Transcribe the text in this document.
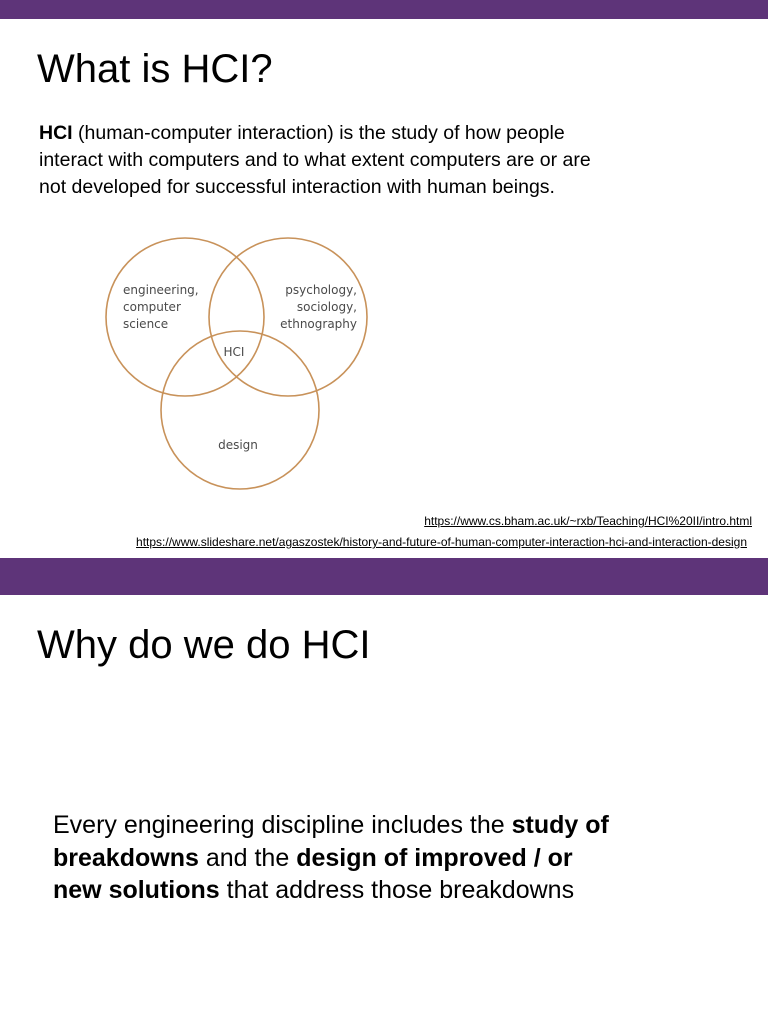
What is HCI?
HCI (human-computer interaction) is the study of how people
interact with computers and to what extent computers are or are
not developed for successful interaction with human beings.
engineering,
computer
science
psychology,
sociology,
ethnography
HCI
design
https://www.cs.bham.ac.uk/~rxb/Teaching/HCI%20II/intro.html
https://www.slideshare.net/agaszostek/history-and-future-of-human-computer-interaction-hci-and-interaction-design
Why do we do HCI
Every engineering discipline includes the study of
breakdowns and the design of improved / or
new solutions that address those breakdowns
